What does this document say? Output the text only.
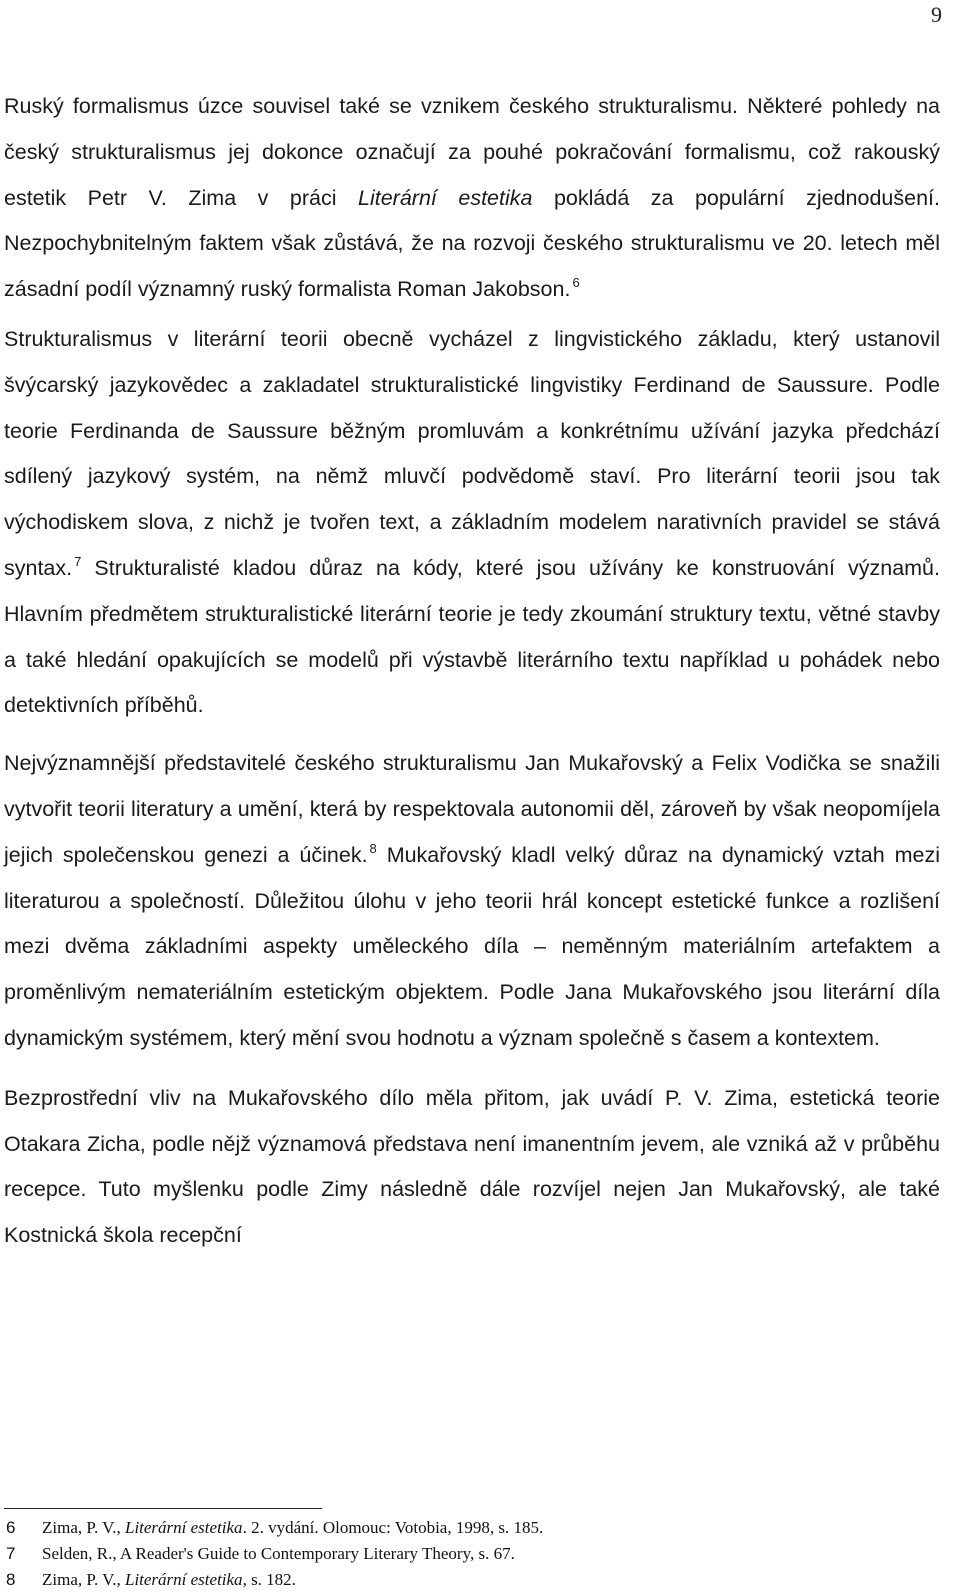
9

Ruský formalismus úzce souvisel také se vznikem českého strukturalismu. Některé pohledy na český strukturalismus jej dokonce označují za pouhé pokračování formalismu, což rakouský estetik Petr V. Zima v práci Literární estetika pokládá za populární zjednodušení. Nezpochybnitelným faktem však zůstává, že na rozvoji českého strukturalismu ve 20. letech měl zásadní podíl významný ruský formalista Roman Jakobson. $^6$

Strukturalismus v literární teorii obecně vycházel z lingvistického základu, který ustanovil švýcarský jazykovědec a zakladatel strukturalistické lingvistiky Ferdinand de Saussure. Podle teorie Ferdinanda de Saussure běžným promluvám a konkrétnímu užívání jazyka předchází sdílený jazykový systém, na němž mluvčí podvědomě staví. Pro literární teorii jsou tak východiskem slova, z nichž je tvořen text, a základním modelem narativních pravidel se stává syntax. $^7$ Strukturalisté kladou důraz na kódy, které jsou užívány ke konstruování významů. Hlavním předmětem strukturalistické literární teorie je tedy zkoumání struktury textu, větné stavby a také hledání opakujících se modelů při výstavbě literárního textu například u pohádek nebo detektivních příběhů.

Nejvýznamnější představitelé českého strukturalismu Jan Mukařovský a Felix Vodička se snažili vytvořit teorii literatury a umění, která by respektovala autonomii děl, zároveň by však neopomíjela jejich společenskou genezi a účinek. $^8$ Mukařovský kladl velký důraz na dynamický vztah mezi literaturou a společností. Důležitou úlohu v jeho teorii hrál koncept estetické funkce a rozlišení mezi dvěma základními aspekty uměleckého díla – neměnným materiálním artefaktem a proměnlivým nemateriálním estetickým objektem. Podle Jana Mukařovského jsou literární díla dynamickým systémem, který mění svou hodnotu a význam společně s časem a kontextem.

Bezprostřední vliv na Mukařovského dílo měla přitom, jak uvádí P. V. Zima, estetická teorie Otakara Zicha, podle nějž významová představa není imanentním jevem, ale vzniká až v průběhu recepce. Tuto myšlenku podle Zimy následně dále rozvíjel nejen Jan Mukařovský, ale také Kostnická škola recepční

6	Zima, P. V., Literární estetika. 2. vydání. Olomouc: Votobia, 1998, s. 185.
7	Selden, R., A Reader's Guide to Contemporary Literary Theory, s. 67.
8	Zima, P. V., Literární estetika, s. 182.
